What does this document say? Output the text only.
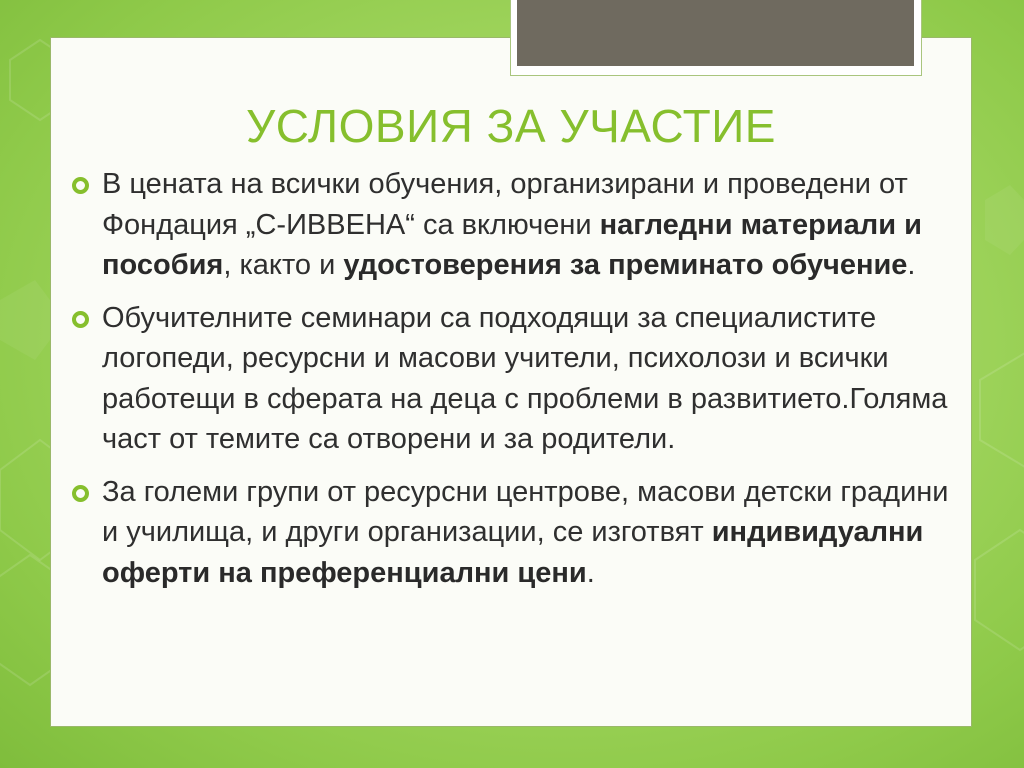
УСЛОВИЯ ЗА УЧАСТИЕ
В цената на всички обучения, организирани и проведени от Фондация „С-ИВВЕНА“ са включени нагледни материали и пособия, както и удостоверения за преминато обучение.
Обучителните семинари са подходящи за специалистите логопеди, ресурсни и масови учители, психолози и всички работещи в сферата на деца с проблеми в развитието.Голяма част от темите са отворени и за родители.
За големи групи от ресурсни центрове, масови детски градини и училища, и други организации, се изготвят индивидуални оферти на преференциални цени.
